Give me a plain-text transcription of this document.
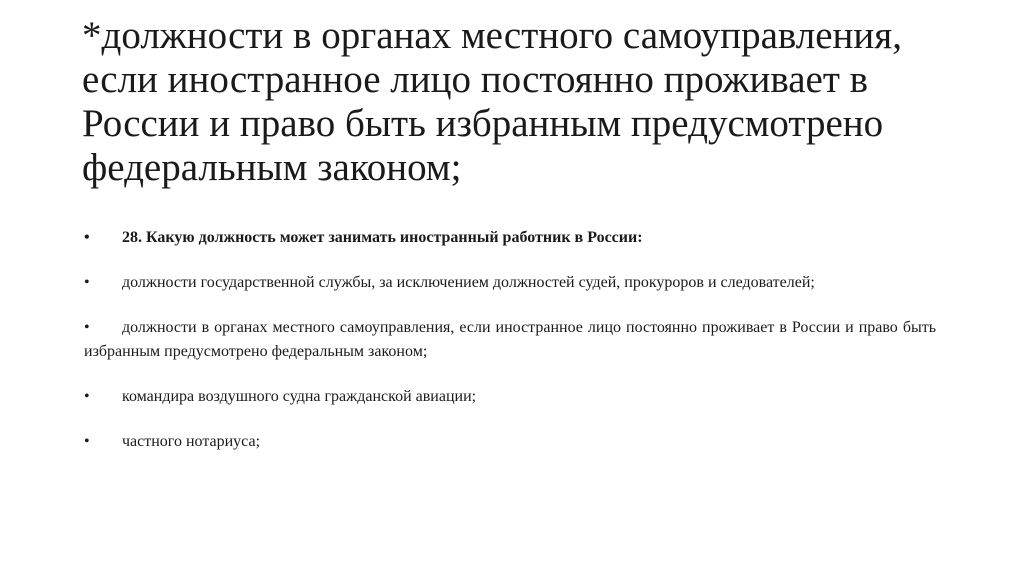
*должности в органах местного самоуправления, если иностранное лицо постоянно проживает в России и право быть избранным предусмотрено федеральным законом;
• 28. Какую должность может занимать иностранный работник в России:
• должности государственной службы, за исключением должностей судей, прокуроров и следователей;
• должности в органах местного самоуправления, если иностранное лицо постоянно проживает в России и право быть избранным предусмотрено федеральным законом;
• командира воздушного судна гражданской авиации;
• частного нотариуса;
